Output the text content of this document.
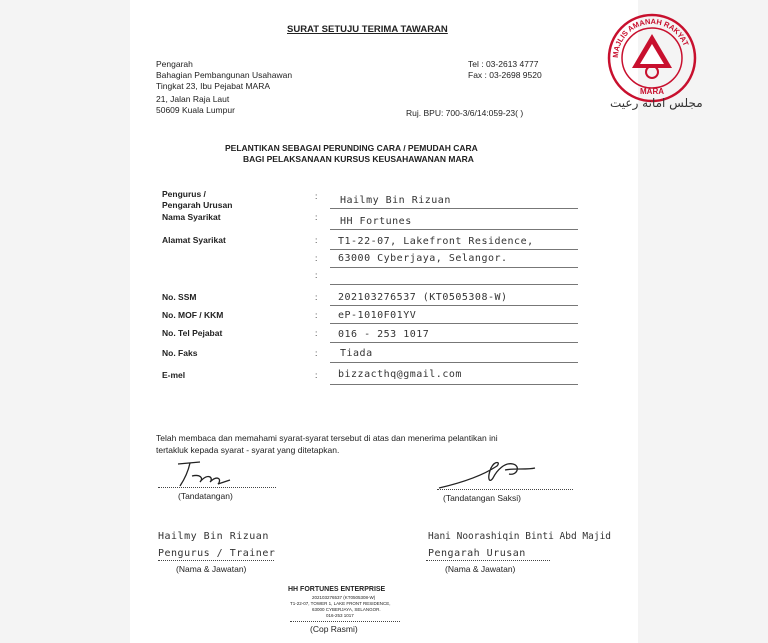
SURAT SETUJU TERIMA TAWARAN
Pengarah
Bahagian Pembangunan Usahawan
Tingkat 23, Ibu Pejabat MARA
21, Jalan Raja Laut
50609 Kuala Lumpur
Tel : 03-2613 4777
Fax : 03-2698 9520
Ruj. BPU: 700-3/6/14:059-23( )
MAJLIS AMANAH RAKYAT
MARA
مجلس امانه رعيت
PELANTIKAN SEBAGAI PERUNDING CARA / PEMUDAH CARA
BAGI PELAKSANAAN KURSUS KEUSAHAWANAN MARA
Pengurus /
Pengarah Urusan
Nama Syarikat
Alamat Syarikat
No. SSM
No. MOF / KKM
No. Tel Pejabat
No. Faks
E-mel
:
:
:
:
:
:
:
:
:
:
Hailmy Bin Rizuan
HH Fortunes
T1-22-07, Lakefront Residence,
63000 Cyberjaya, Selangor.
202103276537 (KT0505308-W)
eP-1010F01YV
016 - 253 1017
Tiada
bizzacthq@gmail.com
Telah membaca dan memahami syarat-syarat tersebut di atas dan menerima pelantikan ini
tertakluk kepada syarat - syarat yang ditetapkan.
(Tandatangan)	(Tandatangan Saksi)
Hailmy Bin Rizuan
Pengurus / Trainer
(Nama & Jawatan)
Hani Noorashiqin Binti Abd Majid
Pengarah Urusan
(Nama & Jawatan)
HH FORTUNES ENTERPRISE
202103276537 (KT0505308-W)
T1-22-07, TOWER 1, LAKE FRONT RESIDENCE,
63000 CYBERJAYA, SELANGOR.
016-253 1017
(Cop Rasmi)
